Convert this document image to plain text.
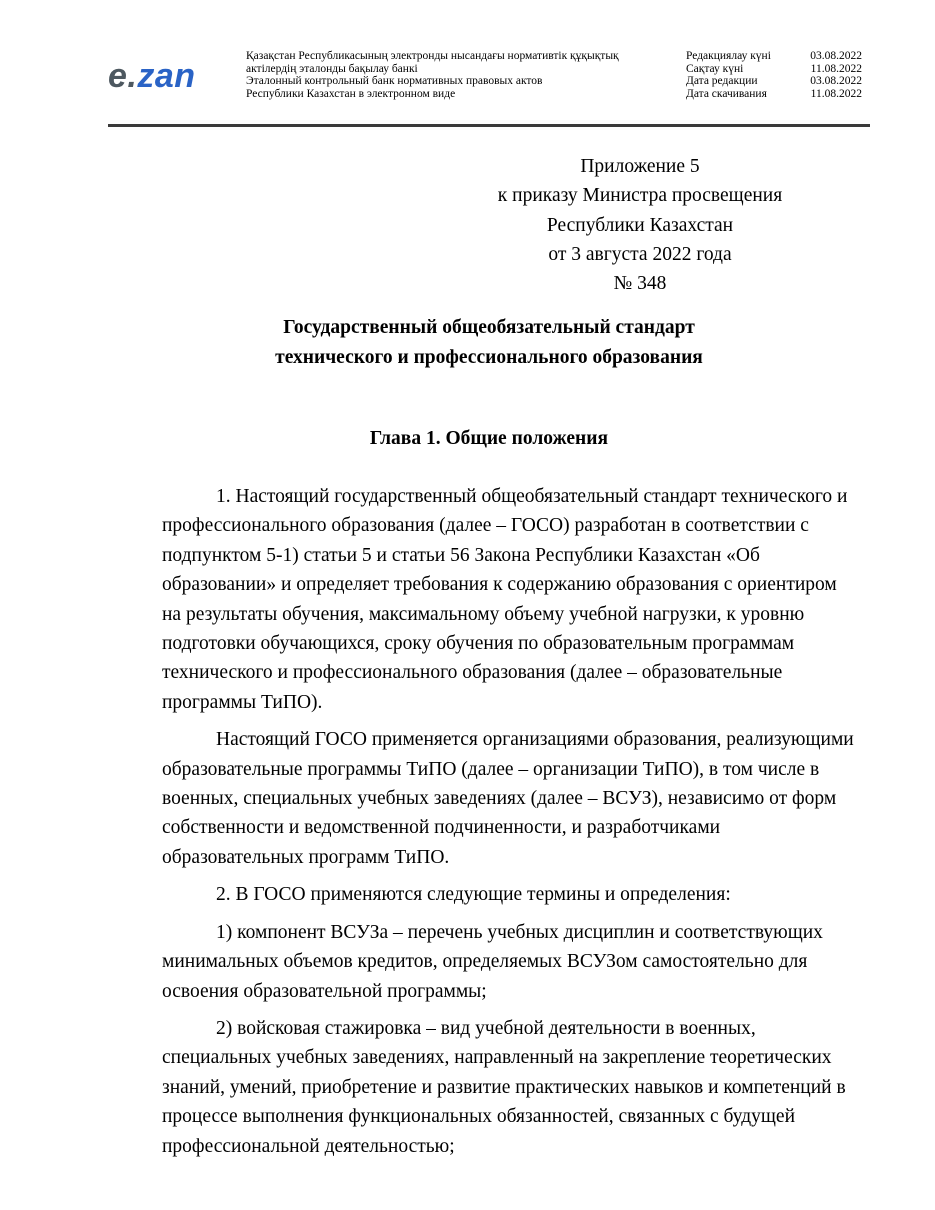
e. zan
Қазақстан Республикасының электронды нысандағы нормативтік құқықтық
актілердің эталонды бақылау банкі
Эталонный контрольный банк нормативных правовых актов
Республики Казахстан в электронном виде
Редакциялау күні	03.08.2022
Сақтау күні	11.08.2022
Дата редакции	03.08.2022
Дата скачивания	11.08.2022
Приложение 5
к приказу Министра просвещения
Республики Казахстан
от 3 августа 2022 года
№ 348
Государственный общеобязательный стандарт
технического и профессионального образования
Глава 1. Общие положения

1. Настоящий государственный общеобязательный стандарт технического и
профессионального образования (далее – ГОСО) разработан в соответствии с
подпунктом 5-1) статьи 5 и статьи 56 Закона Республики Казахстан «Об
образовании» и определяет требования к содержанию образования с ориентиром
на результаты обучения, максимальному объему учебной нагрузки, к уровню
подготовки обучающихся, сроку обучения по образовательным программам
технического и профессионального образования (далее – образовательные
программы ТиПО).

Настоящий ГОСО применяется организациями образования, реализующими
образовательные программы ТиПО (далее – организации ТиПО), в том числе в
военных, специальных учебных заведениях (далее – ВСУЗ), независимо от форм
собственности и ведомственной подчиненности, и разработчиками
образовательных программ ТиПО.

2. В ГОСО применяются следующие термины и определения:

1) компонент ВСУЗа – перечень учебных дисциплин и соответствующих
минимальных объемов кредитов, определяемых ВСУЗом самостоятельно для
освоения образовательной программы;

2) войсковая стажировка – вид учебной деятельности в военных,
специальных учебных заведениях, направленный на закрепление теоретических
знаний, умений, приобретение и развитие практических навыков и компетенций в
процессе выполнения функциональных обязанностей, связанных с будущей
профессиональной деятельностью;
